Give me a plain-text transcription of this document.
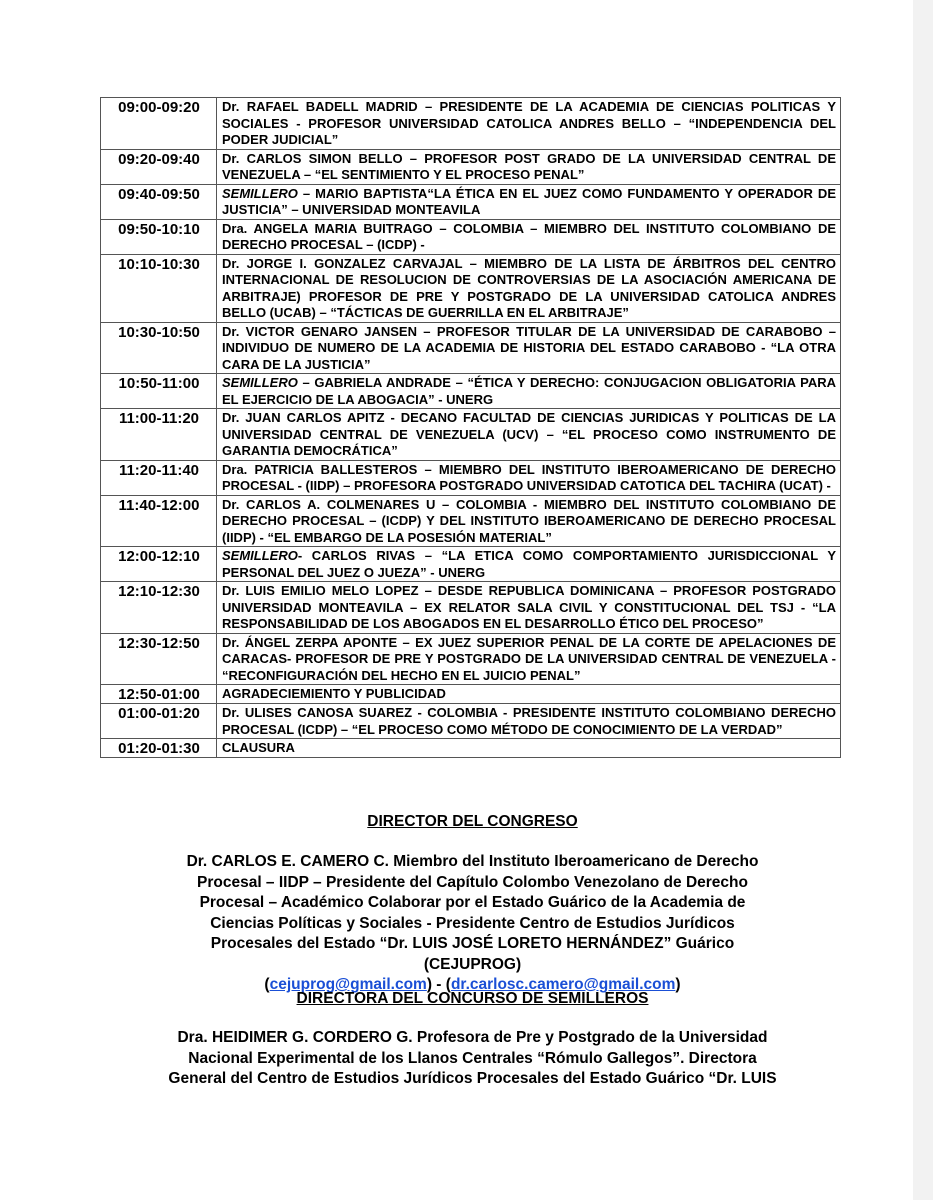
09:00-09:20	Dr. RAFAEL BADELL MADRID – PRESIDENTE DE LA ACADEMIA DE CIENCIAS POLITICAS Y SOCIALES - PROFESOR UNIVERSIDAD CATOLICA ANDRES BELLO – “INDEPENDENCIA DEL PODER JUDICIAL”
09:20-09:40	Dr. CARLOS SIMON BELLO – PROFESOR POST GRADO DE LA UNIVERSIDAD CENTRAL DE VENEZUELA – “EL SENTIMIENTO Y EL PROCESO PENAL”
09:40-09:50	SEMILLERO – MARIO BAPTISTA“LA ÉTICA EN EL JUEZ COMO FUNDAMENTO Y OPERADOR DE JUSTICIA” – UNIVERSIDAD MONTEAVILA
09:50-10:10	Dra. ANGELA MARIA BUITRAGO – COLOMBIA – MIEMBRO DEL INSTITUTO COLOMBIANO DE DERECHO PROCESAL – (ICDP) -
10:10-10:30	Dr. JORGE I. GONZALEZ CARVAJAL – MIEMBRO DE LA LISTA DE ÁRBITROS DEL CENTRO INTERNACIONAL DE RESOLUCION DE CONTROVERSIAS DE LA ASOCIACIÓN AMERICANA DE ARBITRAJE) PROFESOR DE PRE Y POSTGRADO DE LA UNIVERSIDAD CATOLICA ANDRES BELLO (UCAB) – “TÁCTICAS DE GUERRILLA EN EL ARBITRAJE”
10:30-10:50	Dr. VICTOR GENARO JANSEN – PROFESOR TITULAR DE LA UNIVERSIDAD DE CARABOBO – INDIVIDUO DE NUMERO DE LA ACADEMIA DE HISTORIA DEL ESTADO CARABOBO - “LA OTRA CARA DE LA JUSTICIA”
10:50-11:00	SEMILLERO – GABRIELA ANDRADE – “ÉTICA Y DERECHO: CONJUGACION OBLIGATORIA PARA EL EJERCICIO DE LA ABOGACIA” - UNERG
11:00-11:20	Dr. JUAN CARLOS APITZ - DECANO FACULTAD DE CIENCIAS JURIDICAS Y POLITICAS DE LA UNIVERSIDAD CENTRAL DE VENEZUELA (UCV) – “EL PROCESO COMO INSTRUMENTO DE GARANTIA DEMOCRÁTICA”
11:20-11:40	Dra. PATRICIA BALLESTEROS – MIEMBRO DEL INSTITUTO IBEROAMERICANO DE DERECHO PROCESAL - (IIDP) – PROFESORA POSTGRADO UNIVERSIDAD CATOTICA DEL TACHIRA (UCAT) -
11:40-12:00	Dr. CARLOS A. COLMENARES U – COLOMBIA - MIEMBRO DEL INSTITUTO COLOMBIANO DE DERECHO PROCESAL – (ICDP) Y DEL INSTITUTO IBEROAMERICANO DE DERECHO PROCESAL (IIDP) - “EL EMBARGO DE LA POSESIÓN MATERIAL”
12:00-12:10	SEMILLERO- CARLOS RIVAS – “LA ETICA COMO COMPORTAMIENTO JURISDICCIONAL Y PERSONAL DEL JUEZ O JUEZA” - UNERG
12:10-12:30	Dr. LUIS EMILIO MELO LOPEZ – DESDE REPUBLICA DOMINICANA – PROFESOR POSTGRADO UNIVERSIDAD MONTEAVILA – EX RELATOR SALA CIVIL Y CONSTITUCIONAL DEL TSJ - “LA RESPONSABILIDAD DE LOS ABOGADOS EN EL DESARROLLO ÉTICO DEL PROCESO”
12:30-12:50	Dr. ÁNGEL ZERPA APONTE – EX JUEZ SUPERIOR PENAL DE LA CORTE DE APELACIONES DE CARACAS- PROFESOR DE PRE Y POSTGRADO DE LA UNIVERSIDAD CENTRAL DE VENEZUELA - “RECONFIGURACIÓN DEL HECHO EN EL JUICIO PENAL”
12:50-01:00	AGRADECIEMIENTO Y PUBLICIDAD
01:00-01:20	Dr. ULISES CANOSA SUAREZ - COLOMBIA - PRESIDENTE INSTITUTO COLOMBIANO DERECHO PROCESAL (ICDP) – “EL PROCESO COMO MÉTODO DE CONOCIMIENTO DE LA VERDAD”
01:20-01:30	CLAUSURA
DIRECTOR DEL CONGRESO
Dr. CARLOS E. CAMERO C. Miembro del Instituto Iberoamericano de Derecho Procesal – IIDP – Presidente del Capítulo Colombo Venezolano de Derecho Procesal – Académico Colaborar por el Estado Guárico de la Academia de Ciencias Políticas y Sociales - Presidente Centro de Estudios Jurídicos Procesales del Estado “Dr. LUIS JOSÉ LORETO HERNÁNDEZ” Guárico (CEJUPROG)
(cejuprog@gmail.com) - (dr.carlosc.camero@gmail.com)
DIRECTORA DEL CONCURSO DE SEMILLEROS
Dra. HEIDIMER G. CORDERO G. Profesora de Pre y Postgrado de la Universidad Nacional Experimental de los Llanos Centrales “Rómulo Gallegos”. Directora General del Centro de Estudios Jurídicos Procesales del Estado Guárico “Dr. LUIS
